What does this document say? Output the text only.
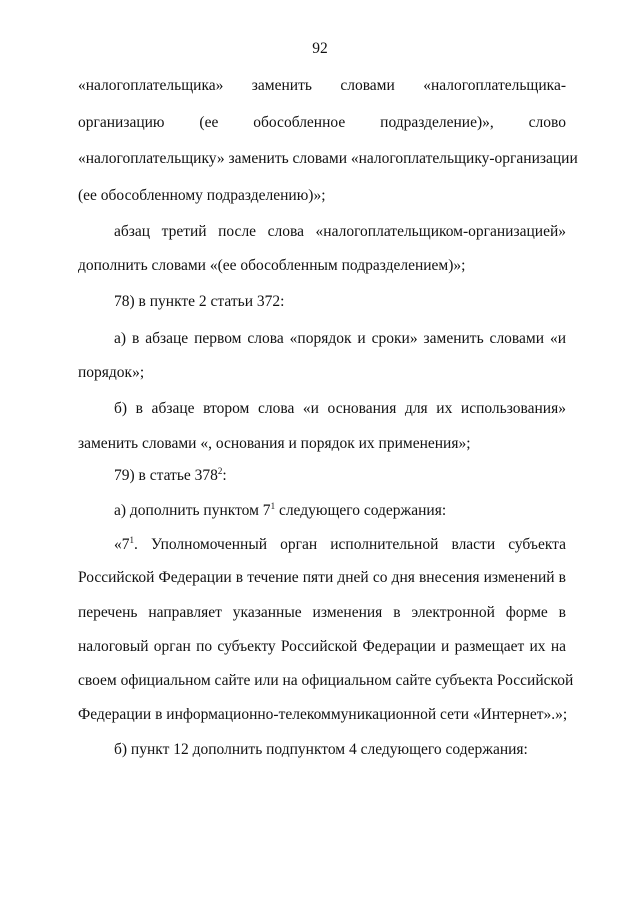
92
«налогоплательщика» заменить словами «налогоплательщика-
организацию (ее обособленное подразделение)», слово
«налогоплательщику» заменить словами «налогоплательщику-организации
(ее обособленному подразделению)»;
абзац третий после слова «налогоплательщиком-организацией»
дополнить словами «(ее обособленным подразделением)»;
78) в пункте 2 статьи 372:
а) в абзаце первом слова «порядок и сроки» заменить словами «и
порядок»;
б) в абзаце втором слова «и основания для их использования»
заменить словами «, основания и порядок их применения»;
79) в статье $378^2$:
а) дополнить пунктом $7^1$ следующего содержания:
«$7^1$. Уполномоченный орган исполнительной власти субъекта
Российской Федерации в течение пяти дней со дня внесения изменений в
перечень направляет указанные изменения в электронной форме в
налоговый орган по субъекту Российской Федерации и размещает их на
своем официальном сайте или на официальном сайте субъекта Российской
Федерации в информационно-телекоммуникационной сети «Интернет».»;
б) пункт 12 дополнить подпунктом 4 следующего содержания:
